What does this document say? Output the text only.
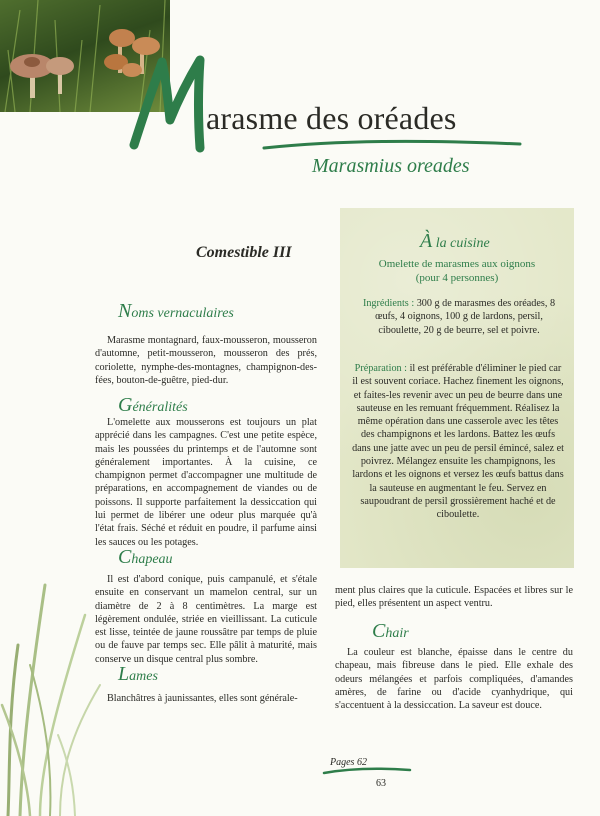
arasme des oréades
Marasmius oreades
Comestible III
Noms vernaculaires
Marasme montagnard, faux-mousseron, mousseron d'automne, petit-mousseron, mousseron des prés, coriolette, nymphe-des-montagnes, champignon-des-fées, bouton-de-guêtre, pied-dur.
Généralités
L'omelette aux mousserons est toujours un plat apprécié dans les campagnes. C'est une petite espèce, mais les poussées du printemps et de l'automne sont généralement importantes. À la cuisine, ce champignon permet d'accompagner une multitude de préparations, en accompagnement de viandes ou de poissons. Il supporte parfaitement la dessiccation qui lui permet de libérer une odeur plus marquée qu'à l'état frais. Séché et réduit en poudre, il parfume ainsi les sauces ou les potages.
Chapeau
Il est d'abord conique, puis campanulé, et s'étale ensuite en conservant un mamelon central, sur un diamètre de 2 à 8 centimètres. La marge est légèrement ondulée, striée en vieillissant. La cuticule est lisse, teintée de jaune roussâtre par temps de pluie ou de fauve par temps sec. Elle pâlit à maturité, mais conserve un disque central plus sombre.
Lames
Blanchâtres à jaunissantes, elles sont générale-
À la cuisine
Omelette de marasmes aux oignons
(pour 4 personnes)
Ingrédients : 300 g de marasmes des oréades, 8 œufs, 4 oignons, 100 g de lardons, persil, ciboulette, 20 g de beurre, sel et poivre.
Préparation : il est préférable d'éliminer le pied car il est souvent coriace. Hachez finement les oignons, et faites-les revenir avec un peu de beurre dans une sauteuse en les remuant fréquemment. Réalisez la même opération dans une casserole avec les têtes des champignons et les lardons. Battez les œufs dans une jatte avec un peu de persil émincé, salez et poivrez. Mélangez ensuite les champignons, les lardons et les oignons et versez les œufs battus dans la sauteuse en augmentant le feu. Servez en saupoudrant de persil grossièrement haché et de ciboulette.
ment plus claires que la cuticule. Espacées et libres sur le pied, elles présentent un aspect ventru.
Chair
La couleur est blanche, épaisse dans le centre du chapeau, mais fibreuse dans le pied. Elle exhale des odeurs mélangées et parfois compliquées, d'amandes amères, de farine ou d'acide cyanhydrique, qui s'accentuent à la dessiccation. La saveur est douce.
Pages 62
63
